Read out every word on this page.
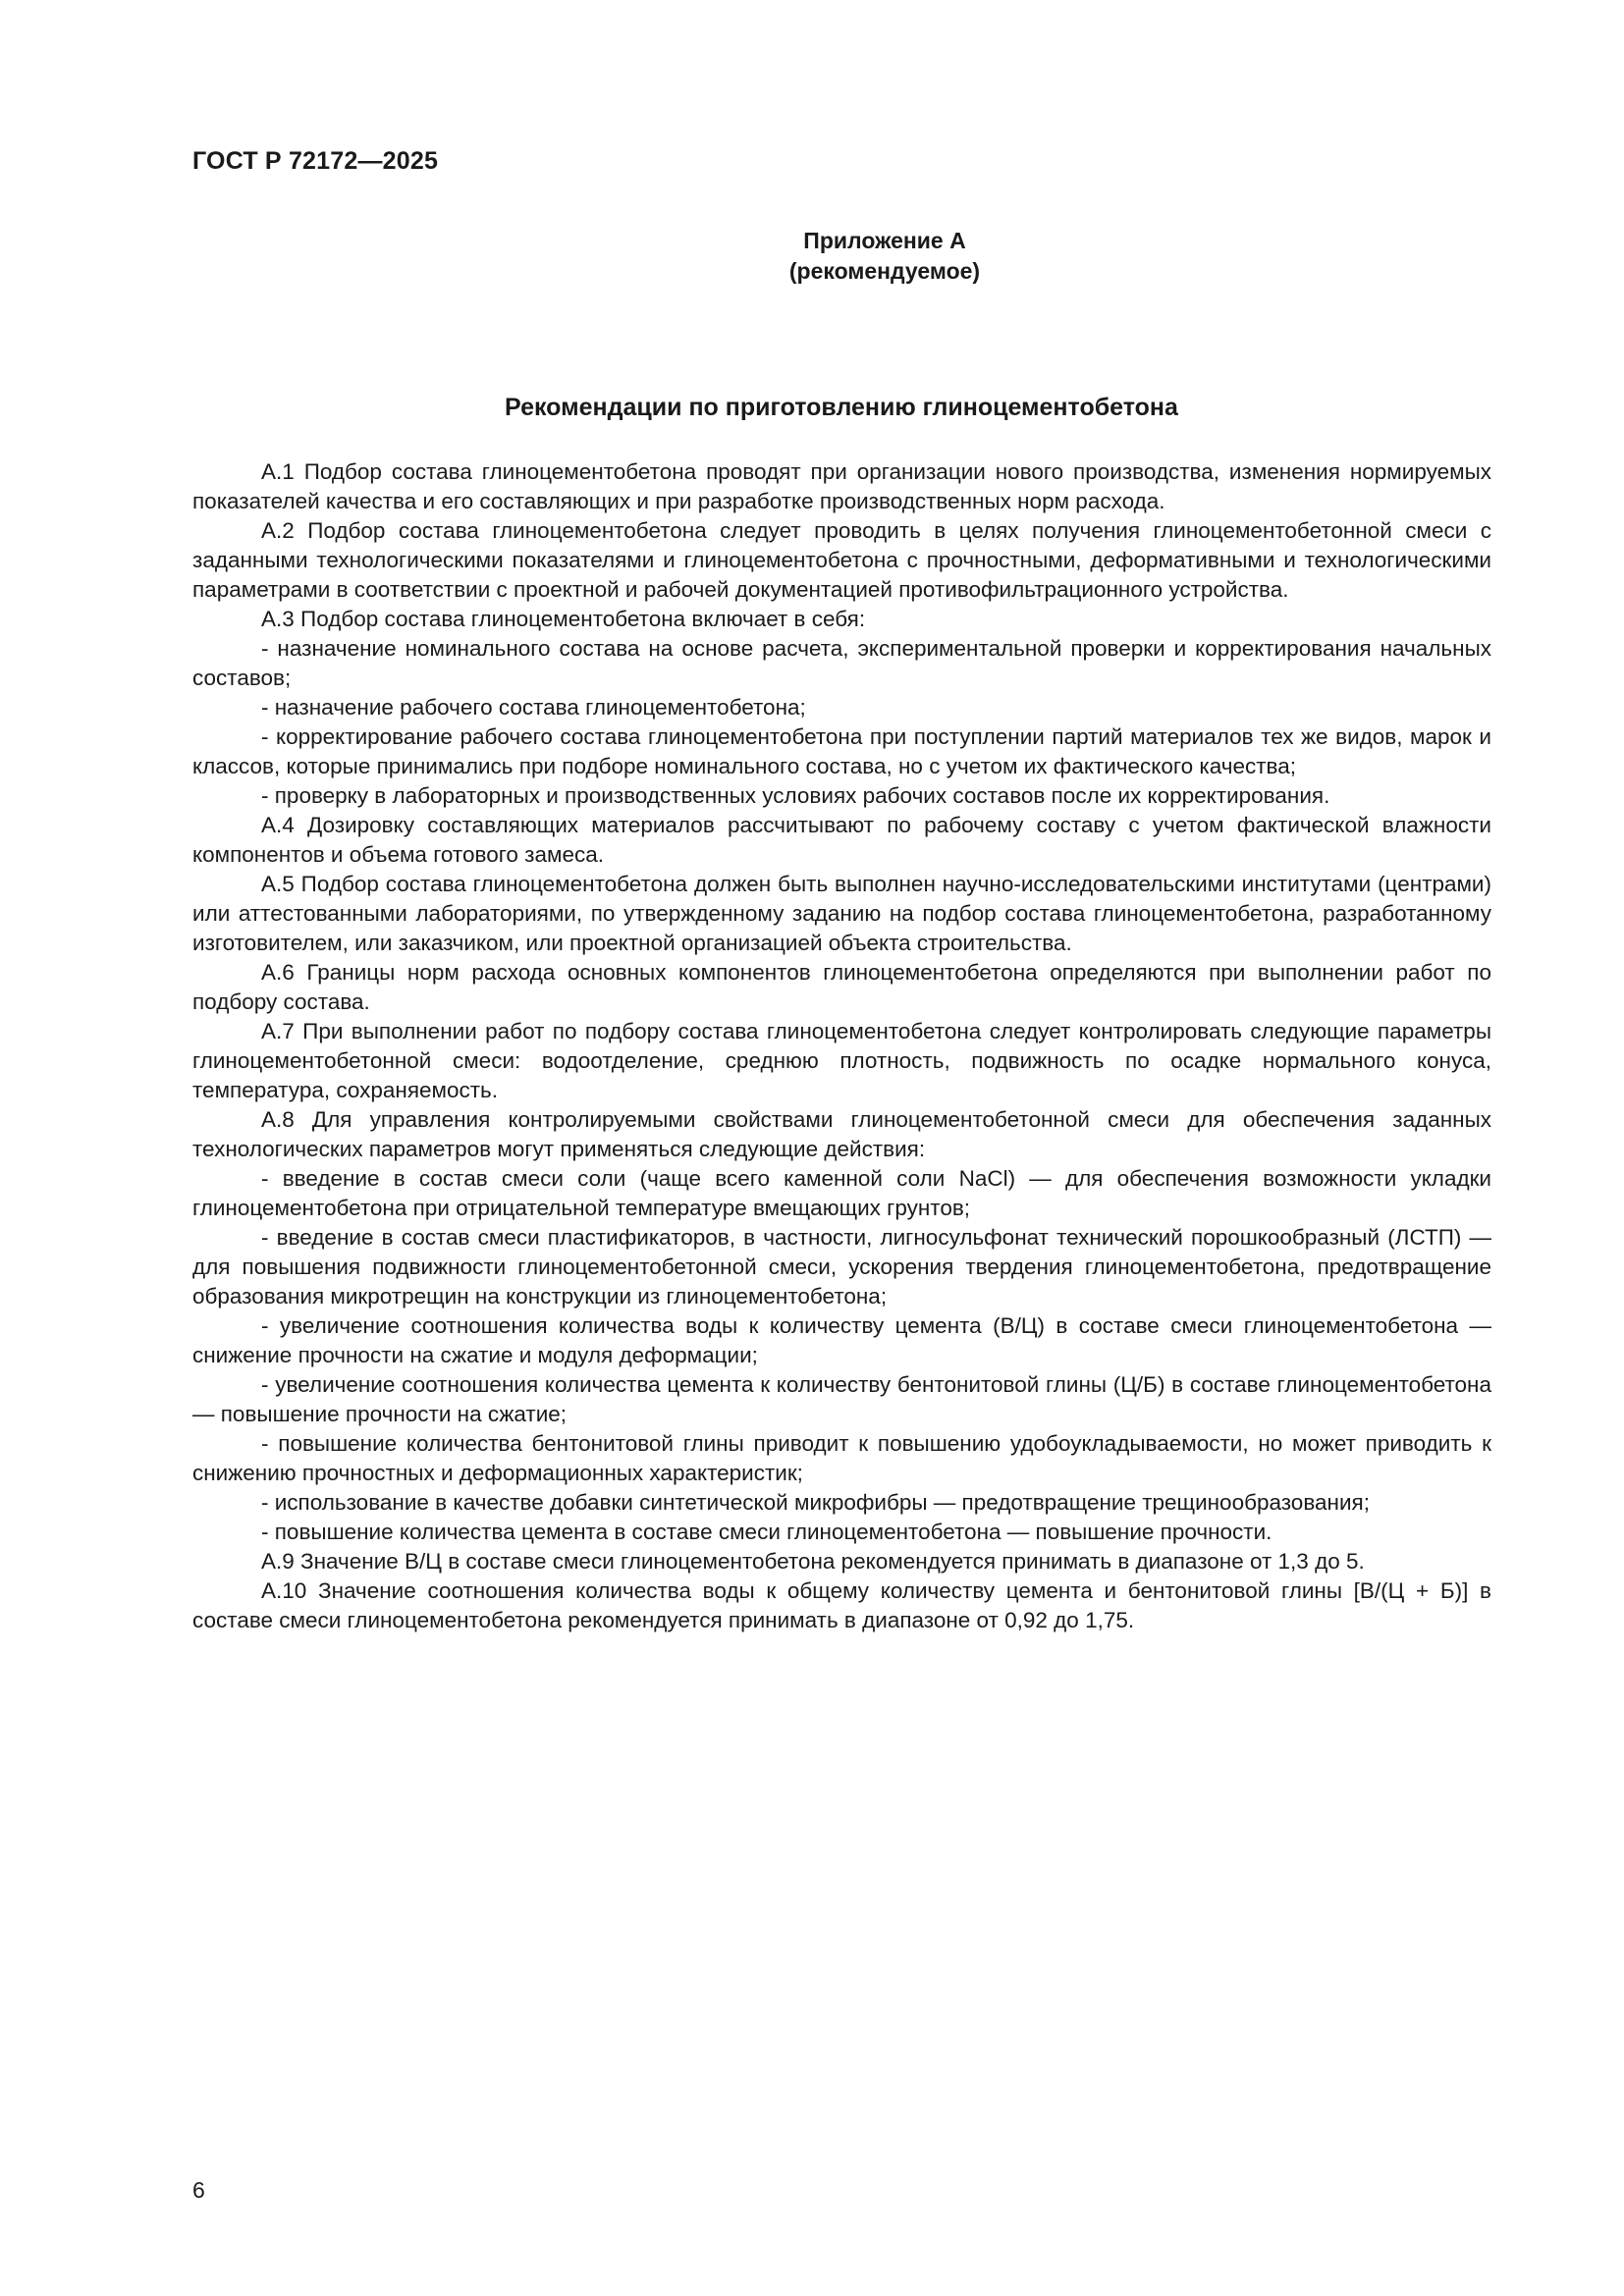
ГОСТ Р 72172—2025
Приложение А
(рекомендуемое)
Рекомендации по приготовлению глиноцементобетона

А.1 Подбор состава глиноцементобетона проводят при организации нового производства, изменения нормируемых показателей качества и его составляющих и при разработке производственных норм расхода.

А.2 Подбор состава глиноцементобетона следует проводить в целях получения глиноцементобетонной смеси с заданными технологическими показателями и глиноцементобетона с прочностными, деформативными и технологическими параметрами в соответствии с проектной и рабочей документацией противофильтрационного устройства.

А.3 Подбор состава глиноцементобетона включает в себя:

- назначение номинального состава на основе расчета, экспериментальной проверки и корректирования начальных составов;

- назначение рабочего состава глиноцементобетона;

- корректирование рабочего состава глиноцементобетона при поступлении партий материалов тех же видов, марок и классов, которые принимались при подборе номинального состава, но с учетом их фактического качества;

- проверку в лабораторных и производственных условиях рабочих составов после их корректирования.

А.4 Дозировку составляющих материалов рассчитывают по рабочему составу с учетом фактической влажности компонентов и объема готового замеса.

А.5 Подбор состава глиноцементобетона должен быть выполнен научно-исследовательскими институтами (центрами) или аттестованными лабораториями, по утвержденному заданию на подбор состава глиноцементобетона, разработанному изготовителем, или заказчиком, или проектной организацией объекта строительства.

А.6 Границы норм расхода основных компонентов глиноцементобетона определяются при выполнении работ по подбору состава.

А.7 При выполнении работ по подбору состава глиноцементобетона следует контролировать следующие параметры глиноцементобетонной смеси: водоотделение, среднюю плотность, подвижность по осадке нормального конуса, температура, сохраняемость.

А.8 Для управления контролируемыми свойствами глиноцементобетонной смеси для обеспечения заданных технологических параметров могут применяться следующие действия:

- введение в состав смеси соли (чаще всего каменной соли NaCl) — для обеспечения возможности укладки глиноцементобетона при отрицательной температуре вмещающих грунтов;

- введение в состав смеси пластификаторов, в частности, лигносульфонат технический порошкообразный (ЛСТП) — для повышения подвижности глиноцементобетонной смеси, ускорения твердения глиноцементобетона, предотвращение образования микротрещин на конструкции из глиноцементобетона;

- увеличение соотношения количества воды к количеству цемента (В/Ц) в составе смеси глиноцементобетона — снижение прочности на сжатие и модуля деформации;

- увеличение соотношения количества цемента к количеству бентонитовой глины (Ц/Б) в составе глиноцементобетона — повышение прочности на сжатие;

- повышение количества бентонитовой глины приводит к повышению удобоукладываемости, но может приводить к снижению прочностных и деформационных характеристик;

- использование в качестве добавки синтетической микрофибры — предотвращение трещинообразования;

- повышение количества цемента в составе смеси глиноцементобетона — повышение прочности.

А.9 Значение В/Ц в составе смеси глиноцементобетона рекомендуется принимать в диапазоне от 1,3 до 5.

А.10 Значение соотношения количества воды к общему количеству цемента и бентонитовой глины [В/(Ц + Б)] в составе смеси глиноцементобетона рекомендуется принимать в диапазоне от 0,92 до 1,75.

6
